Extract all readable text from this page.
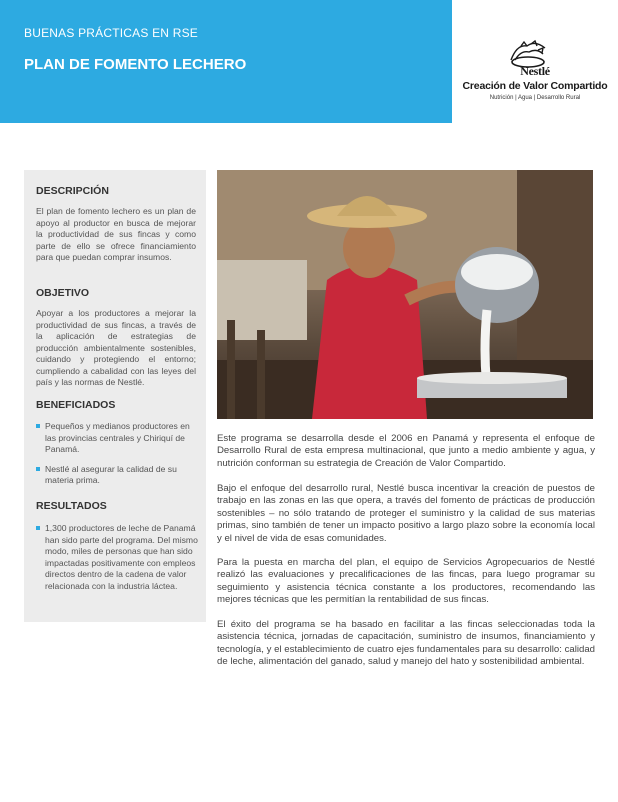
BUENAS PRÁCTICAS EN RSE
PLAN DE FOMENTO LECHERO	Nestlé
Creación de Valor Compartido
Nutrición | Agua | Desarrollo Rural
DESCRIPCIÓN
El plan de fomento lechero es un plan de apoyo al productor en busca de mejorar la productividad de sus fincas y como parte de ello se ofrece financiamiento para que puedan comprar insumos.
OBJETIVO
Apoyar a los productores a mejorar la productividad de sus fincas, a través de la aplicación de estrategias de producción ambientalmente sostenibles, cuidando y protegiendo el entorno; cumpliendo a cabalidad con las leyes del país y las normas de Nestlé.
BENEFICIADOS
Pequeños y medianos productores en las provincias centrales y Chiriquí de Panamá.
Nestlé al asegurar la calidad de su materia prima.
RESULTADOS
1,300 productores de leche de Panamá han sido parte del programa. Del mismo modo, miles de personas que han sido impactadas positivamente con empleos directos dentro de la cadena de valor relacionada con la industria láctea.
Este programa se desarrolla desde el 2006 en Panamá y representa el enfoque de Desarrollo Rural de esta empresa multinacional, que junto a medio ambiente y agua, y nutrición conforman su estrategia de Creación de Valor Compartido.
Bajo el enfoque del desarrollo rural, Nestlé busca incentivar la creación de puestos de trabajo en las zonas en las que opera, a través del fomento de prácticas de producción sostenibles – no sólo tratando de proteger el suministro y la calidad de sus materias primas, sino también de tener un impacto positivo a largo plazo sobre la economía local y el nivel de vida de esas comunidades.
Para la puesta en marcha del plan, el equipo de Servicios Agropecuarios de Nestlé realizó las evaluaciones y precalificaciones de las fincas, para luego programar su seguimiento y asistencia técnica constante a los productores, recomendando las mejores técnicas que les permitían la rentabilidad de sus fincas.
El éxito del programa se ha basado en facilitar a las fincas seleccionadas toda la asistencia técnica, jornadas de capacitación, suministro de insumos, financiamiento y tecnología, y el establecimiento de cuatro ejes fundamentales para su desarrollo: calidad de leche, alimentación del ganado, salud y manejo del hato y sostenibilidad ambiental.
